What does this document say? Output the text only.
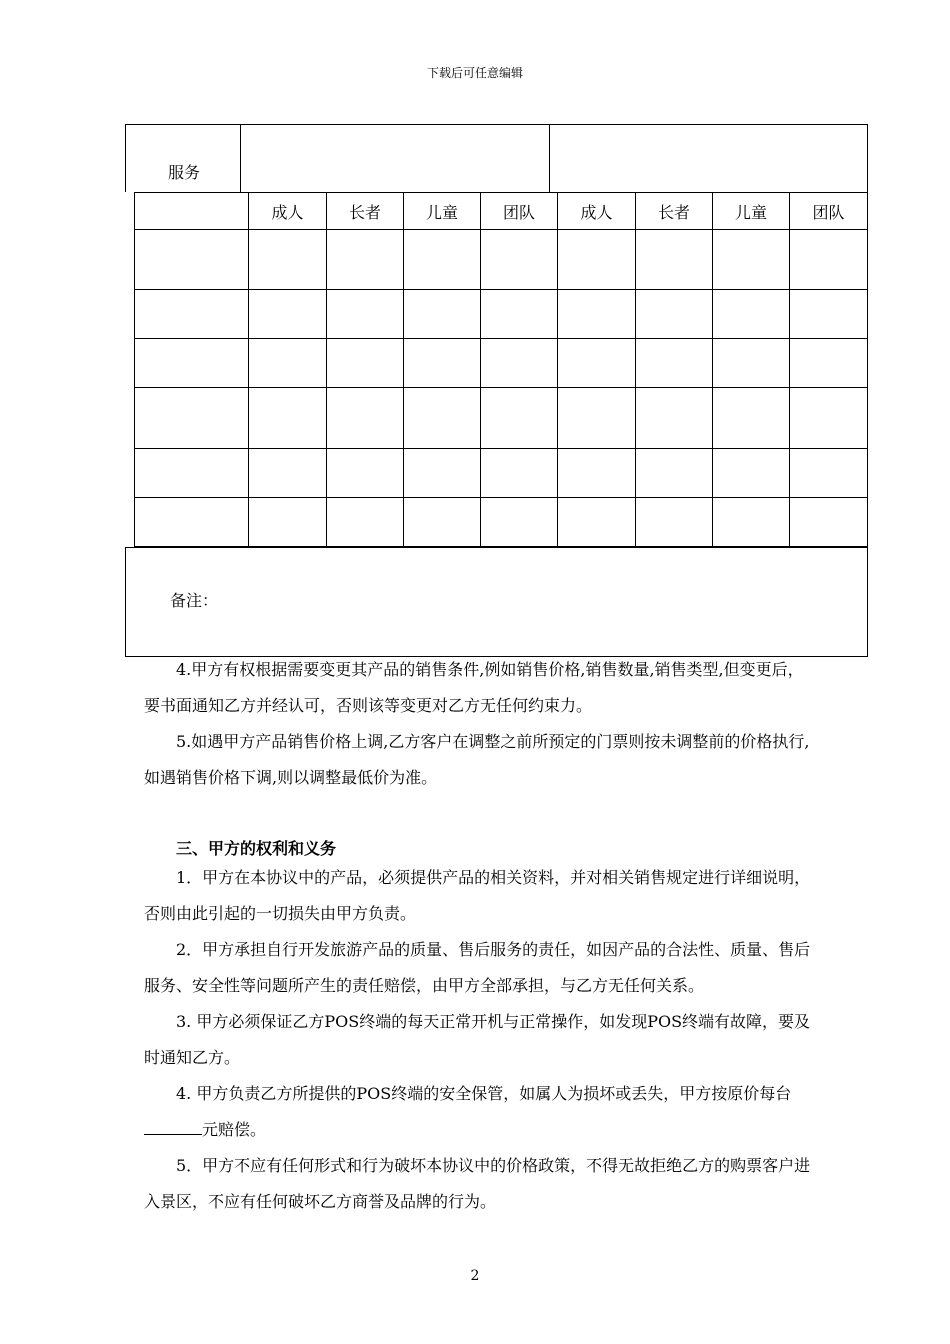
下载后可任意编辑
服务
	成人	长者	儿童	团队	成人	长者	儿童	团队

备注：
4.甲方有权根据需要变更其产品的销售条件,例如销售价格,销售数量,销售类型,但变更后，要书面通知乙方并经认可，否则该等变更对乙方无任何约束力。
5.如遇甲方产品销售价格上调,乙方客户在调整之前所预定的门票则按未调整前的价格执行,如遇销售价格下调,则以调整最低价为准。
三、甲方的权利和义务
1．甲方在本协议中的产品，必须提供产品的相关资料，并对相关销售规定进行详细说明，否则由此引起的一切损失由甲方负责。
2．甲方承担自行开发旅游产品的质量、售后服务的责任，如因产品的合法性、质量、售后服务、安全性等问题所产生的责任赔偿，由甲方全部承担，与乙方无任何关系。
3. 甲方必须保证乙方POS终端的每天正常开机与正常操作，如发现POS终端有故障，要及时通知乙方。
4. 甲方负责乙方所提供的POS终端的安全保管，如属人为损坏或丢失，甲方按原价每台元赔偿。
5．甲方不应有任何形式和行为破坏本协议中的价格政策，不得无故拒绝乙方的购票客户进入景区，不应有任何破坏乙方商誉及品牌的行为。
2
